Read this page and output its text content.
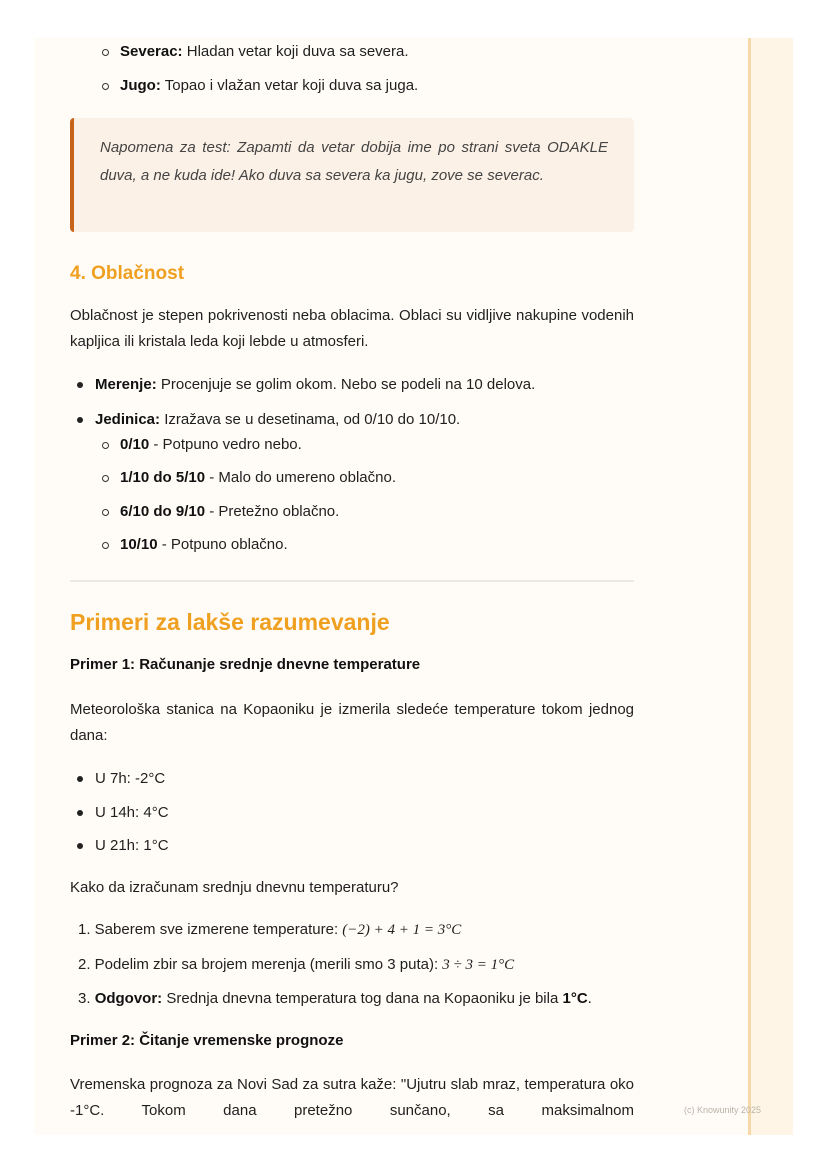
(c) Knowunity 2025
Severac: Hladan vetar koji duva sa severa.
Jugo: Topao i vlažan vetar koji duva sa juga.
Napomena za test: Zapamti da vetar dobija ime po strani sveta ODAKLE duva, a ne kuda ide! Ako duva sa severa ka jugu, zove se severac.
4. Oblačnost
Oblačnost je stepen pokrivenosti neba oblacima. Oblaci su vidljive nakupine vodenih kapljica ili kristala leda koji lebde u atmosferi.
Merenje: Procenjuje se golim okom. Nebo se podeli na 10 delova.
Jedinica: Izražava se u desetinama, od 0/10 do 10/10.
0/10 - Potpuno vedro nebo.
1/10 do 5/10 - Malo do umereno oblačno.
6/10 do 9/10 - Pretežno oblačno.
10/10 - Potpuno oblačno.
Primeri za lakše razumevanje
Primer 1: Računanje srednje dnevne temperature
Meteorološka stanica na Kopaoniku je izmerila sledeće temperature tokom jednog dana:
U 7h: -2°C
U 14h: 4°C
U 21h: 1°C
Kako da izračunam srednju dnevnu temperaturu?
1. Saberem sve izmerene temperature: (−2) + 4 + 1 = 3°C
2. Podelim zbir sa brojem merenja (merili smo 3 puta): 3 ÷ 3 = 1°C
3. Odgovor: Srednja dnevna temperatura tog dana na Kopaoniku je bila 1°C.
Primer 2: Čitanje vremenske prognoze
Vremenska prognoza za Novi Sad za sutra kaže: "Ujutru slab mraz, temperatura oko -1°C. Tokom dana pretežno sunčano, sa maksimalnom
